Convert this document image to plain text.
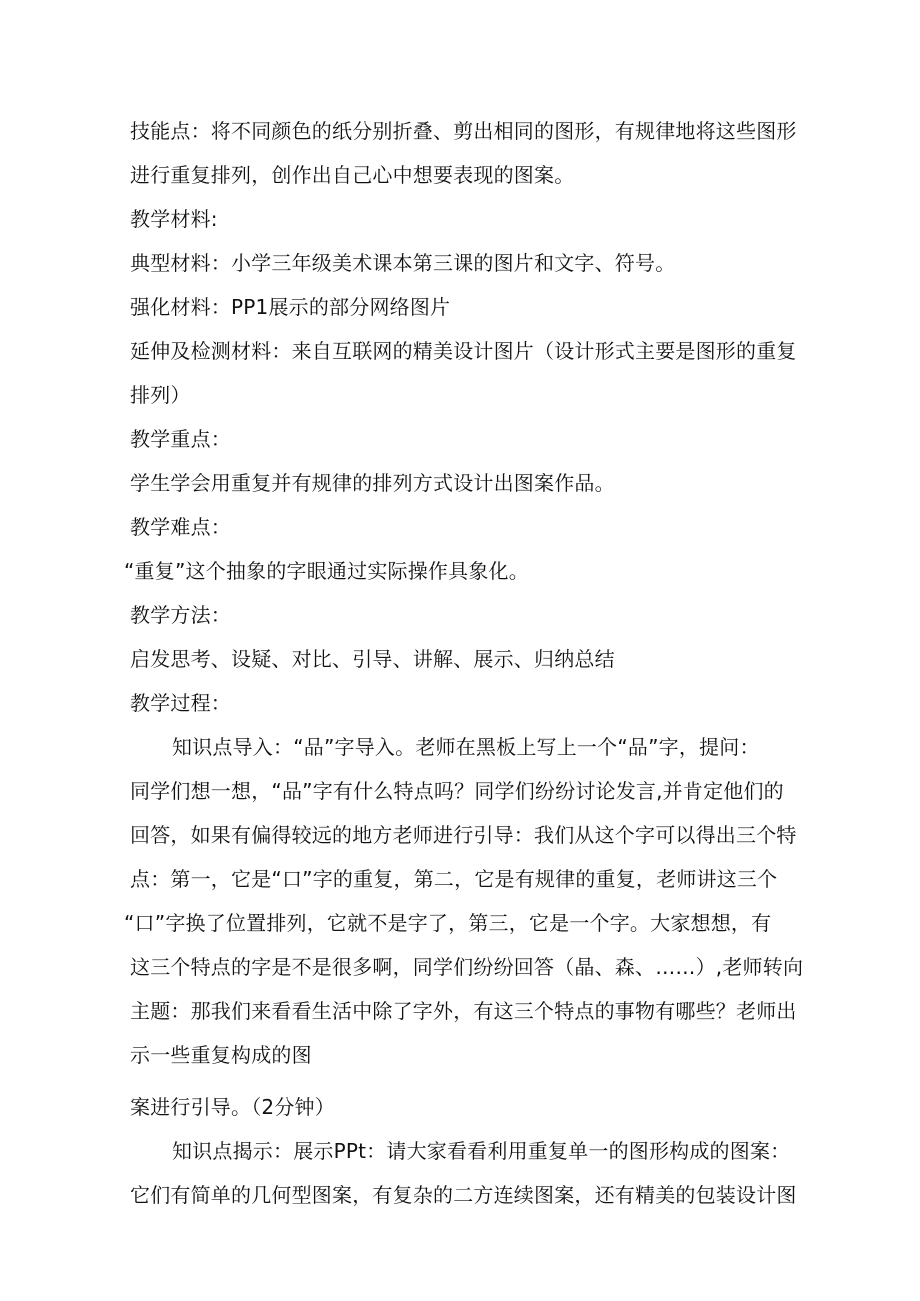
技能点：将不同颜色的纸分别折叠、剪出相同的图形，有规律地将这些图形
进行重复排列，创作出自己心中想要表现的图案。
教学材料:
典型材料：小学三年级美术课本第三课的图片和文字、符号。
强化材料：PP1展示的部分网络图片
延伸及检测材料：来自互联网的精美设计图片（设计形式主要是图形的重复
排列）
教学重点：
学生学会用重复并有规律的排列方式设计出图案作品。
教学难点：
“重复”这个抽象的字眼通过实际操作具象化。
教学方法：
启发思考、设疑、对比、引导、讲解、展示、归纳总结
教学过程：
知识点导入：“品”字导入。老师在黑板上写上一个“品”字，提问：
同学们想一想，“品”字有什么特点吗？同学们纷纷讨论发言,并肯定他们的
回答，如果有偏得较远的地方老师进行引导：我们从这个字可以得出三个特
点：第一，它是“口”字的重复，第二，它是有规律的重复，老师讲这三个
“口”字换了位置排列，它就不是字了，第三，它是一个字。大家想想，有
这三个特点的字是不是很多啊，同学们纷纷回答（晶、森、……）,老师转向
主题：那我们来看看生活中除了字外，有这三个特点的事物有哪些？老师出
示一些重复构成的图
案进行引导。（2分钟）
知识点揭示：展示PPt：请大家看看利用重复单一的图形构成的图案：
它们有简单的几何型图案，有复杂的二方连续图案，还有精美的包装设计图
